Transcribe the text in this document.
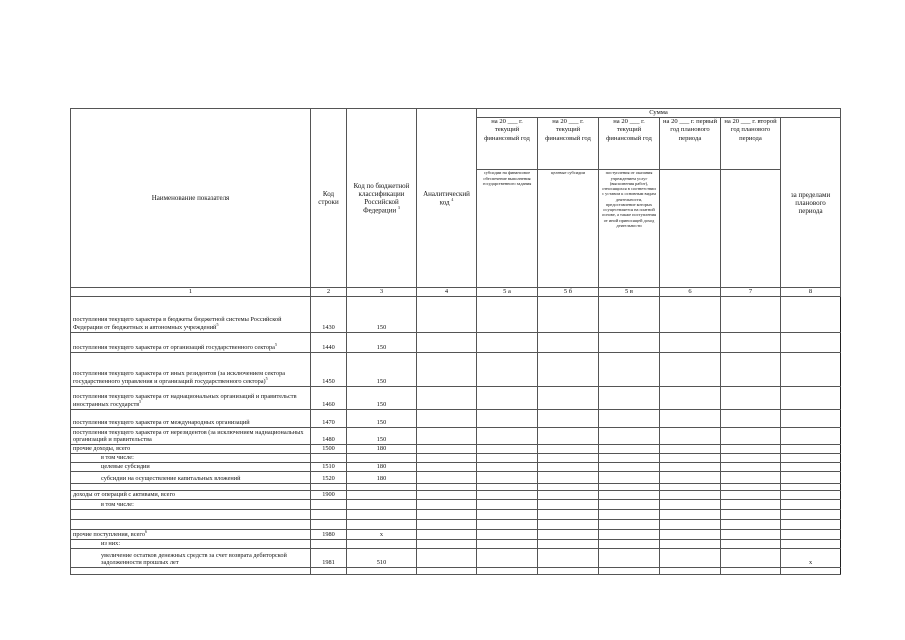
Наименование показателя	Код строки	Код по бюджетной классификации Российской Федерации $^3$	Аналитический код $^4$	Сумма					
				на 20 ___ г. текущий финансовый год	на 20 ___ г. текущий финансовый год	на 20 ___ г. текущий финансовый год	на 20 ___ г. первый год планового периода	на 20 ___ г. второй год планового периода	за пределами планового периода
				субсидии на финансовое обеспечение выполнения государственного задания	целевые субсидии	поступления от оказания учреждением услуг (выполнения работ), относящихся в соответствии с уставом к основным видам деятельности, предоставление которых осуществляется на платной основе, а также поступления от иной приносящей доход деятельности			
1	2	3	4	5 а	5 б	5 в	6	7	8
поступления текущего характера в бюджеты бюджетной системы Российской Федерации от бюджетных и автономных учреждений$^5$	1430	150							
поступления текущего характера от организаций государственного сектора$^5$	1440	150							
поступления текущего характера от иных резидентов (за исключением сектора государственного управления и организаций государственного сектора)$^5$	1450	150							
поступления текущего характера от наднациональных организаций и правительств иностранных государств$^5$	1460	150							
поступления текущего характера от международных организаций	1470	150							
поступления текущего характера от нерезидентов (за исключением наднациональных организаций и правительства	1480	150							
прочие доходы, всего	1500	180							
в том числе:									
целевые субсидии	1510	180							
субсидии на осуществление капитальных вложений	1520	180							

доходы от операций с активами, всего	1900								
в том числе:									

прочие поступления, всего$^6$	1980	х							
из них:									
увеличение остатков денежных средств за счет возврата дебиторской задолженности прошлых лет	1981	510							х
